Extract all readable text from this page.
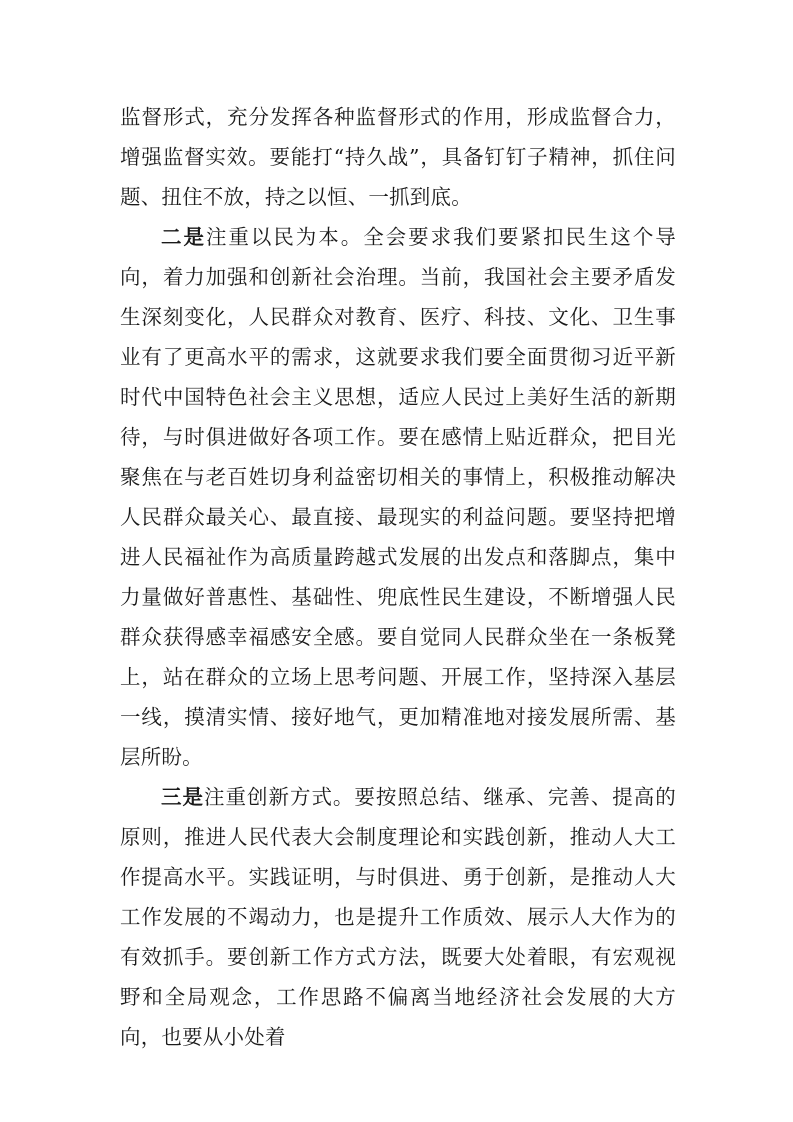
监督形式，充分发挥各种监督形式的作用，形成监督合力，增强监督实效。要能打“持久战”，具备钉钉子精神，抓住问题、扭住不放，持之以恒、一抓到底。

二是注重以民为本。全会要求我们要紧扣民生这个导向，着力加强和创新社会治理。当前，我国社会主要矛盾发生深刻变化，人民群众对教育、医疗、科技、文化、卫生事业有了更高水平的需求，这就要求我们要全面贯彻习近平新时代中国特色社会主义思想，适应人民过上美好生活的新期待，与时俱进做好各项工作。要在感情上贴近群众，把目光聚焦在与老百姓切身利益密切相关的事情上，积极推动解决人民群众最关心、最直接、最现实的利益问题。要坚持把增进人民福祉作为高质量跨越式发展的出发点和落脚点，集中力量做好普惠性、基础性、兜底性民生建设，不断增强人民群众获得感幸福感安全感。要自觉同人民群众坐在一条板凳上，站在群众的立场上思考问题、开展工作，坚持深入基层一线，摸清实情、接好地气，更加精准地对接发展所需、基层所盼。

三是注重创新方式。要按照总结、继承、完善、提高的原则，推进人民代表大会制度理论和实践创新，推动人大工作提高水平。实践证明，与时俱进、勇于创新，是推动人大工作发展的不竭动力，也是提升工作质效、展示人大作为的有效抓手。要创新工作方式方法，既要大处着眼，有宏观视野和全局观念，工作思路不偏离当地经济社会发展的大方向，也要从小处着
